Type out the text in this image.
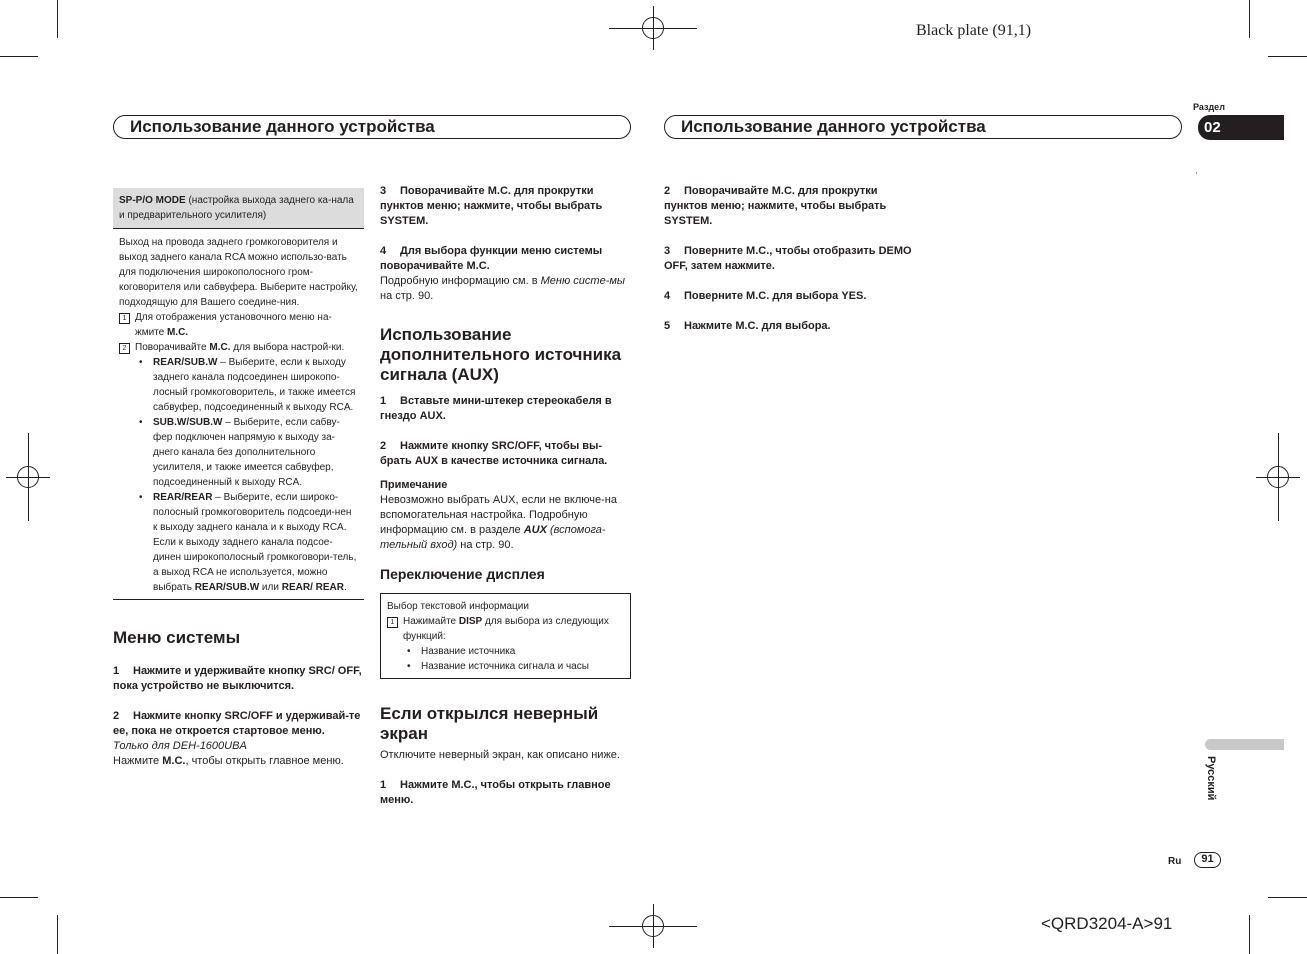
Black plate (91,1)
Использование данного устройства	Использование данного устройства
Раздел
02
Русский
Ru	91
<QRD3204-A>91
SP-P/O MODE (настройка выхода заднего ка-нала и предварительного усилителя)

Выход на провода заднего громкоговорителя и выход заднего канала RCA можно использо-вать для подключения широкополосного гром-коговорителя или сабвуфера. Выберите настройку, подходящую для Вашего соедине-ния.

1 Для отображения установочного меню на-жмите M.C.
2 Поворачивайте M.C. для выбора настрой-ки.
• REAR/SUB.W – Выберите, если к выходу заднего канала подсоединен широкопо-лосный громкоговоритель, и также имеется сабвуфер, подсоединенный к выходу RCA.
• SUB.W/SUB.W – Выберите, если сабву-фер подключен напрямую к выходу за-днего канала без дополнительного усилителя, и также имеется сабвуфер, подсоединенный к выходу RCA.
• REAR/REAR – Выберите, если широко-полосный громкоговоритель подсоеди-нен к выходу заднего канала и к выходу RCA.
Если к выходу заднего канала подсое-динен широкополосный громкоговори-тель, а выход RCA не используется, можно выбрать REAR/SUB.W или REAR/ REAR.

Меню системы

1 Нажмите и удерживайте кнопку SRC/ OFF, пока устройство не выключится.

2 Нажмите кнопку SRC/OFF и удерживай-те ее, пока не откроется стартовое меню.

Только для DEH-1600UBA

Нажмите M.C., чтобы открыть главное меню.

3 Поворачивайте M.C. для прокрутки пунктов меню; нажмите, чтобы выбрать SYSTEM.

4 Для выбора функции меню системы поворачивайте M.C.

Подробную информацию см. в Меню систе-мы на стр. 90.

Использование дополнительного источника сигнала (AUX)

1 Вставьте мини-штекер стереокабеля в гнездо AUX.

2 Нажмите кнопку SRC/OFF, чтобы вы-брать AUX в качестве источника сигнала.

Примечание

Невозможно выбрать AUX, если не включе-на вспомогательная настройка. Подробную информацию см. в разделе AUX (вспомога-тельный вход) на стр. 90.

Переключение дисплея

Выбор текстовой информации

1 Нажимайте DISP для выбора из следующих функций:
• Название источника
• Название источника сигнала и часы

Если открылся неверный экран

Отключите неверный экран, как описано ниже.

1 Нажмите M.C., чтобы открыть главное меню.

2 Поворачивайте M.C. для прокрутки пунктов меню; нажмите, чтобы выбрать SYSTEM.

3 Поверните M.C., чтобы отобразить DEMO OFF, затем нажмите.

4 Поверните M.C. для выбора YES.

5 Нажмите M.C. для выбора.
